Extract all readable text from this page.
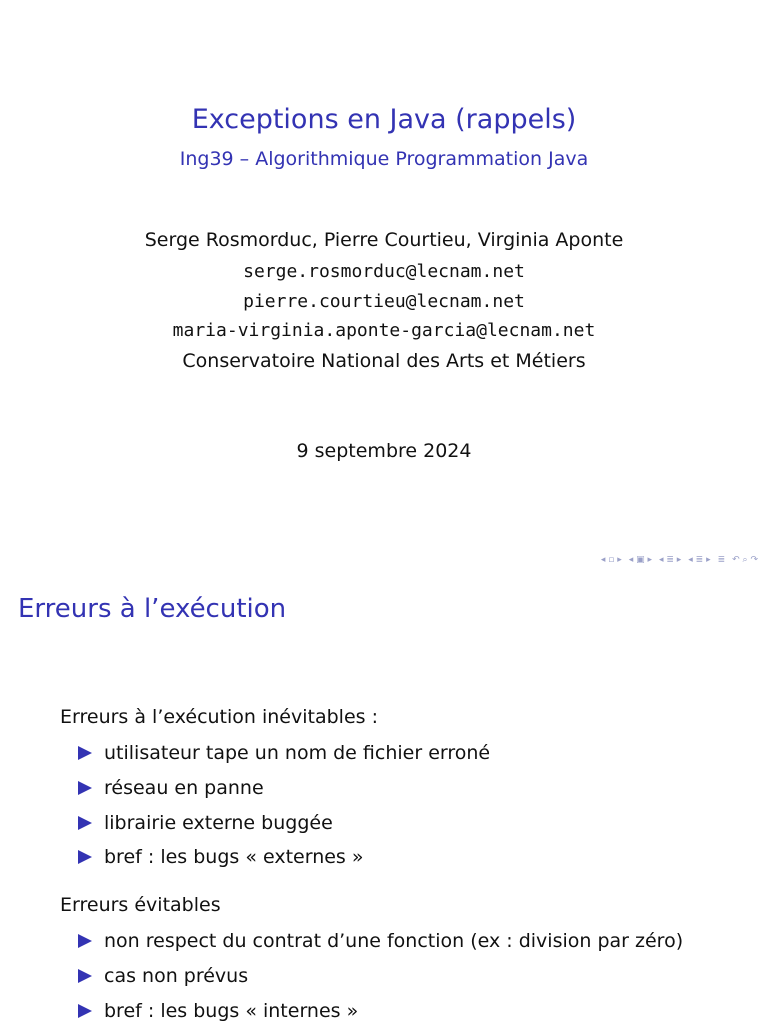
Exceptions en Java (rappels)
Ing39 – Algorithmique Programmation Java
Serge Rosmorduc, Pierre Courtieu, Virginia Aponte
serge.rosmorduc@lecnam.net
pierre.courtieu@lecnam.net
maria-virginia.aponte-garcia@lecnam.net
Conservatoire National des Arts et Métiers
9 septembre 2024
◂ ▫ ▸ ◂ ▣ ▸ ◂ ≣ ▸ ◂ ≣ ▸ ≣ ↶ ⌕ ↷
Erreurs à l’exécution
Erreurs à l’exécution inévitables :
utilisateur tape un nom de fichier erroné
réseau en panne
librairie externe buggée
bref : les bugs « externes »
Erreurs évitables
non respect du contrat d’une fonction (ex : division par zéro)
cas non prévus
bref : les bugs « internes »
